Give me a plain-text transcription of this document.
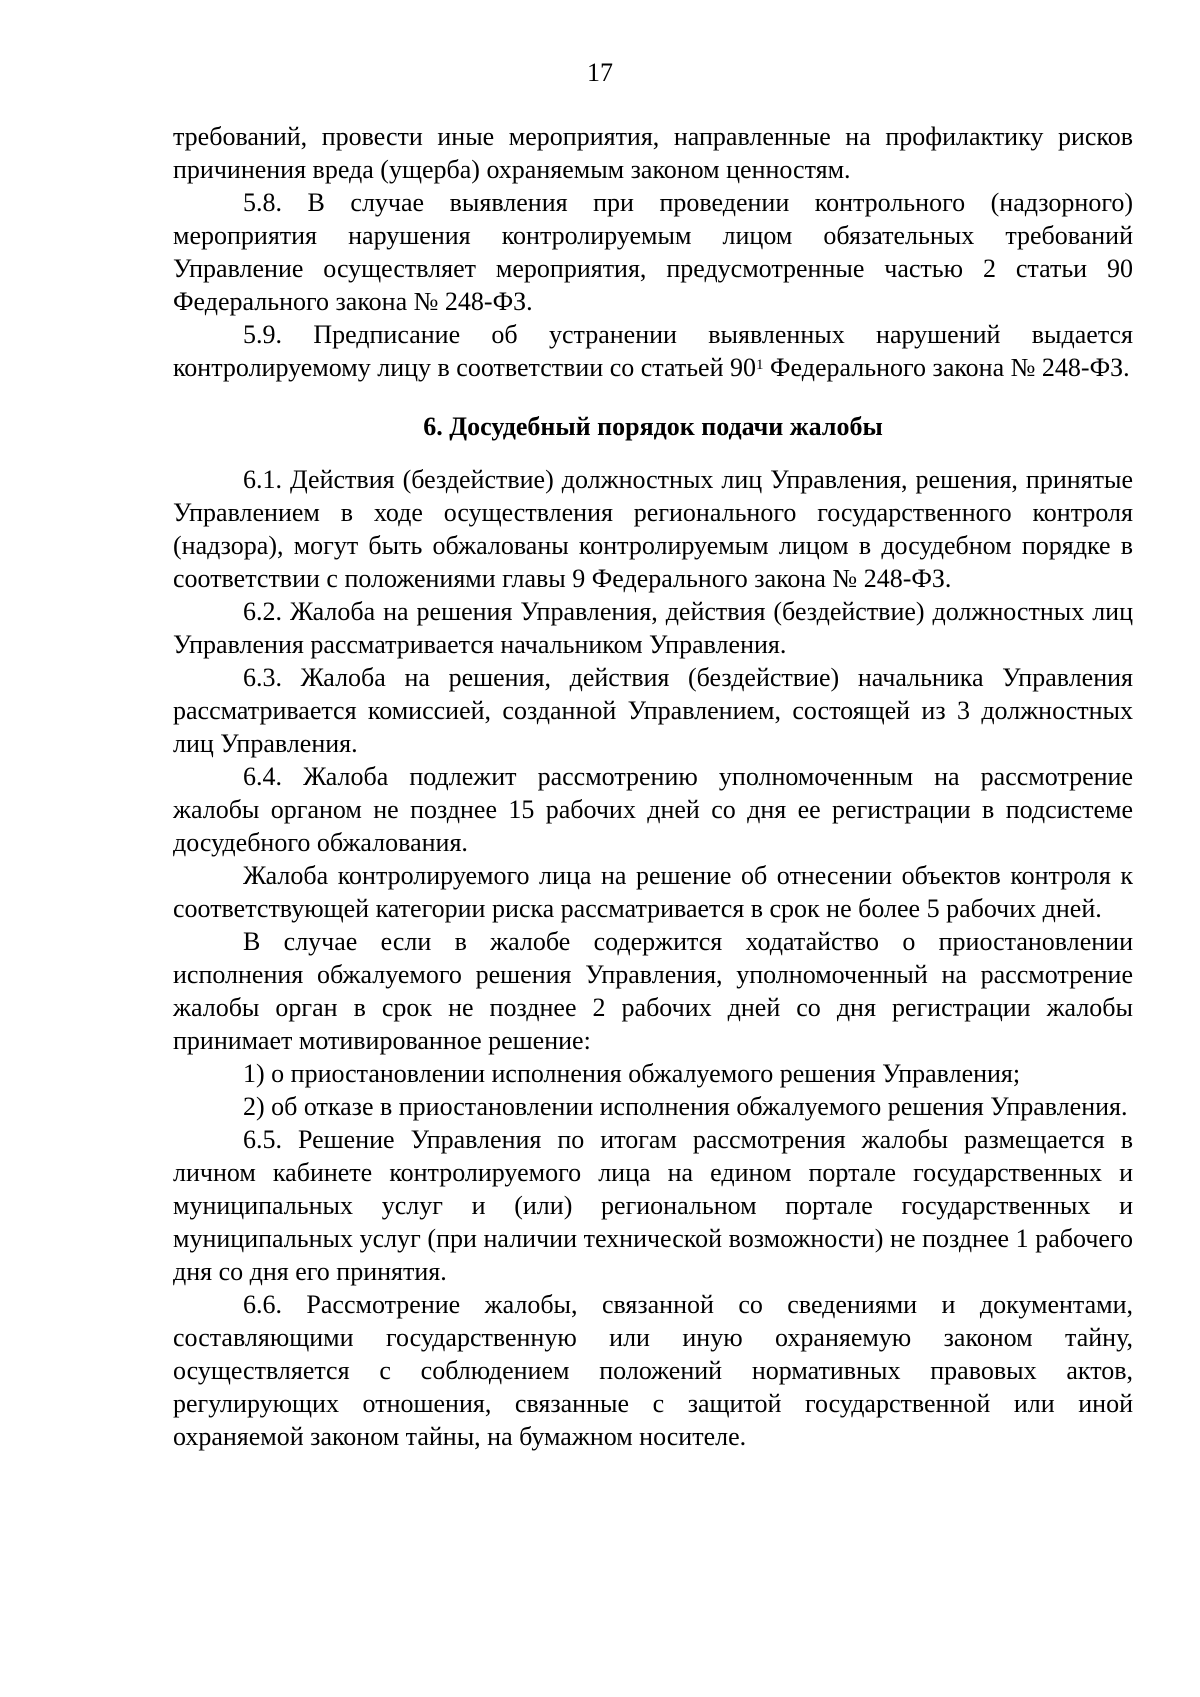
17

требований, провести иные мероприятия, направленные на профилактику рисков причинения вреда (ущерба) охраняемым законом ценностям.

5.8. В случае выявления при проведении контрольного (надзорного) мероприятия нарушения контролируемым лицом обязательных требований Управление осуществляет мероприятия, предусмотренные частью 2 статьи 90 Федерального закона № 248-ФЗ.

5.9. Предписание об устранении выявленных нарушений выдается контролируемому лицу в соответствии со статьей $90^1$ Федерального закона № 248-ФЗ.

6. Досудебный порядок подачи жалобы

6.1. Действия (бездействие) должностных лиц Управления, решения, принятые Управлением в ходе осуществления регионального государственного контроля (надзора), могут быть обжалованы контролируемым лицом в досудебном порядке в соответствии с положениями главы 9 Федерального закона № 248-ФЗ.

6.2. Жалоба на решения Управления, действия (бездействие) должностных лиц Управления рассматривается начальником Управления.

6.3. Жалоба на решения, действия (бездействие) начальника Управления рассматривается комиссией, созданной Управлением, состоящей из 3 должностных лиц Управления.

6.4. Жалоба подлежит рассмотрению уполномоченным на рассмотрение жалобы органом не позднее 15 рабочих дней со дня ее регистрации в подсистеме досудебного обжалования.

Жалоба контролируемого лица на решение об отнесении объектов контроля к соответствующей категории риска рассматривается в срок не более 5 рабочих дней.

В случае если в жалобе содержится ходатайство о приостановлении исполнения обжалуемого решения Управления, уполномоченный на рассмотрение жалобы орган в срок не позднее 2 рабочих дней со дня регистрации жалобы принимает мотивированное решение:

1) о приостановлении исполнения обжалуемого решения Управления;

2) об отказе в приостановлении исполнения обжалуемого решения Управления.

6.5. Решение Управления по итогам рассмотрения жалобы размещается в личном кабинете контролируемого лица на едином портале государственных и муниципальных услуг и (или) региональном портале государственных и муниципальных услуг (при наличии технической возможности) не позднее 1 рабочего дня со дня его принятия.

6.6. Рассмотрение жалобы, связанной со сведениями и документами, составляющими государственную или иную охраняемую законом тайну, осуществляется с соблюдением положений нормативных правовых актов, регулирующих отношения, связанные с защитой государственной или иной охраняемой законом тайны, на бумажном носителе.
